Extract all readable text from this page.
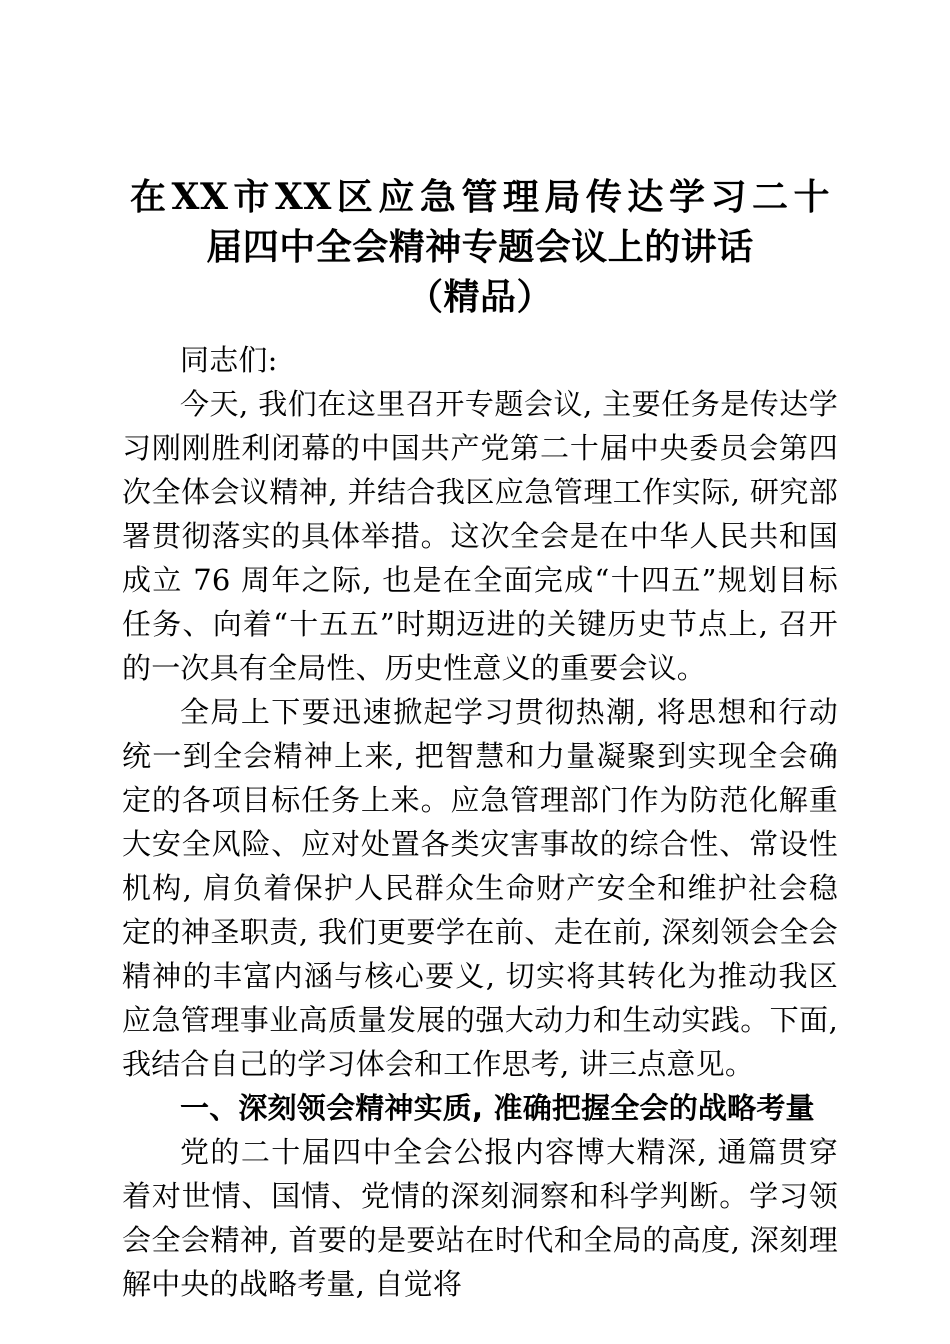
在XX市XX区应急管理局传达学习二十
届四中全会精神专题会议上的讲话
（精品）

同志们:

今天, 我们在这里召开专题会议, 主要任务是传达学习刚刚胜利闭幕的中国共产党第二十届中央委员会第四次全体会议精神, 并结合我区应急管理工作实际, 研究部署贯彻落实的具体举措。这次全会是在中华人民共和国成立 76 周年之际, 也是在全面完成“十四五”规划目标任务、向着“十五五”时期迈进的关键历史节点上, 召开的一次具有全局性、历史性意义的重要会议。

全局上下要迅速掀起学习贯彻热潮, 将思想和行动统一到全会精神上来, 把智慧和力量凝聚到实现全会确定的各项目标任务上来。应急管理部门作为防范化解重大安全风险、应对处置各类灾害事故的综合性、常设性机构, 肩负着保护人民群众生命财产安全和维护社会稳定的神圣职责, 我们更要学在前、走在前, 深刻领会全会精神的丰富内涵与核心要义, 切实将其转化为推动我区应急管理事业高质量发展的强大动力和生动实践。下面, 我结合自己的学习体会和工作思考, 讲三点意见。

一、深刻领会精神实质, 准确把握全会的战略考量

党的二十届四中全会公报内容博大精深, 通篇贯穿着对世情、国情、党情的深刻洞察和科学判断。学习领会全会精神, 首要的是要站在时代和全局的高度, 深刻理解中央的战略考量, 自觉将
